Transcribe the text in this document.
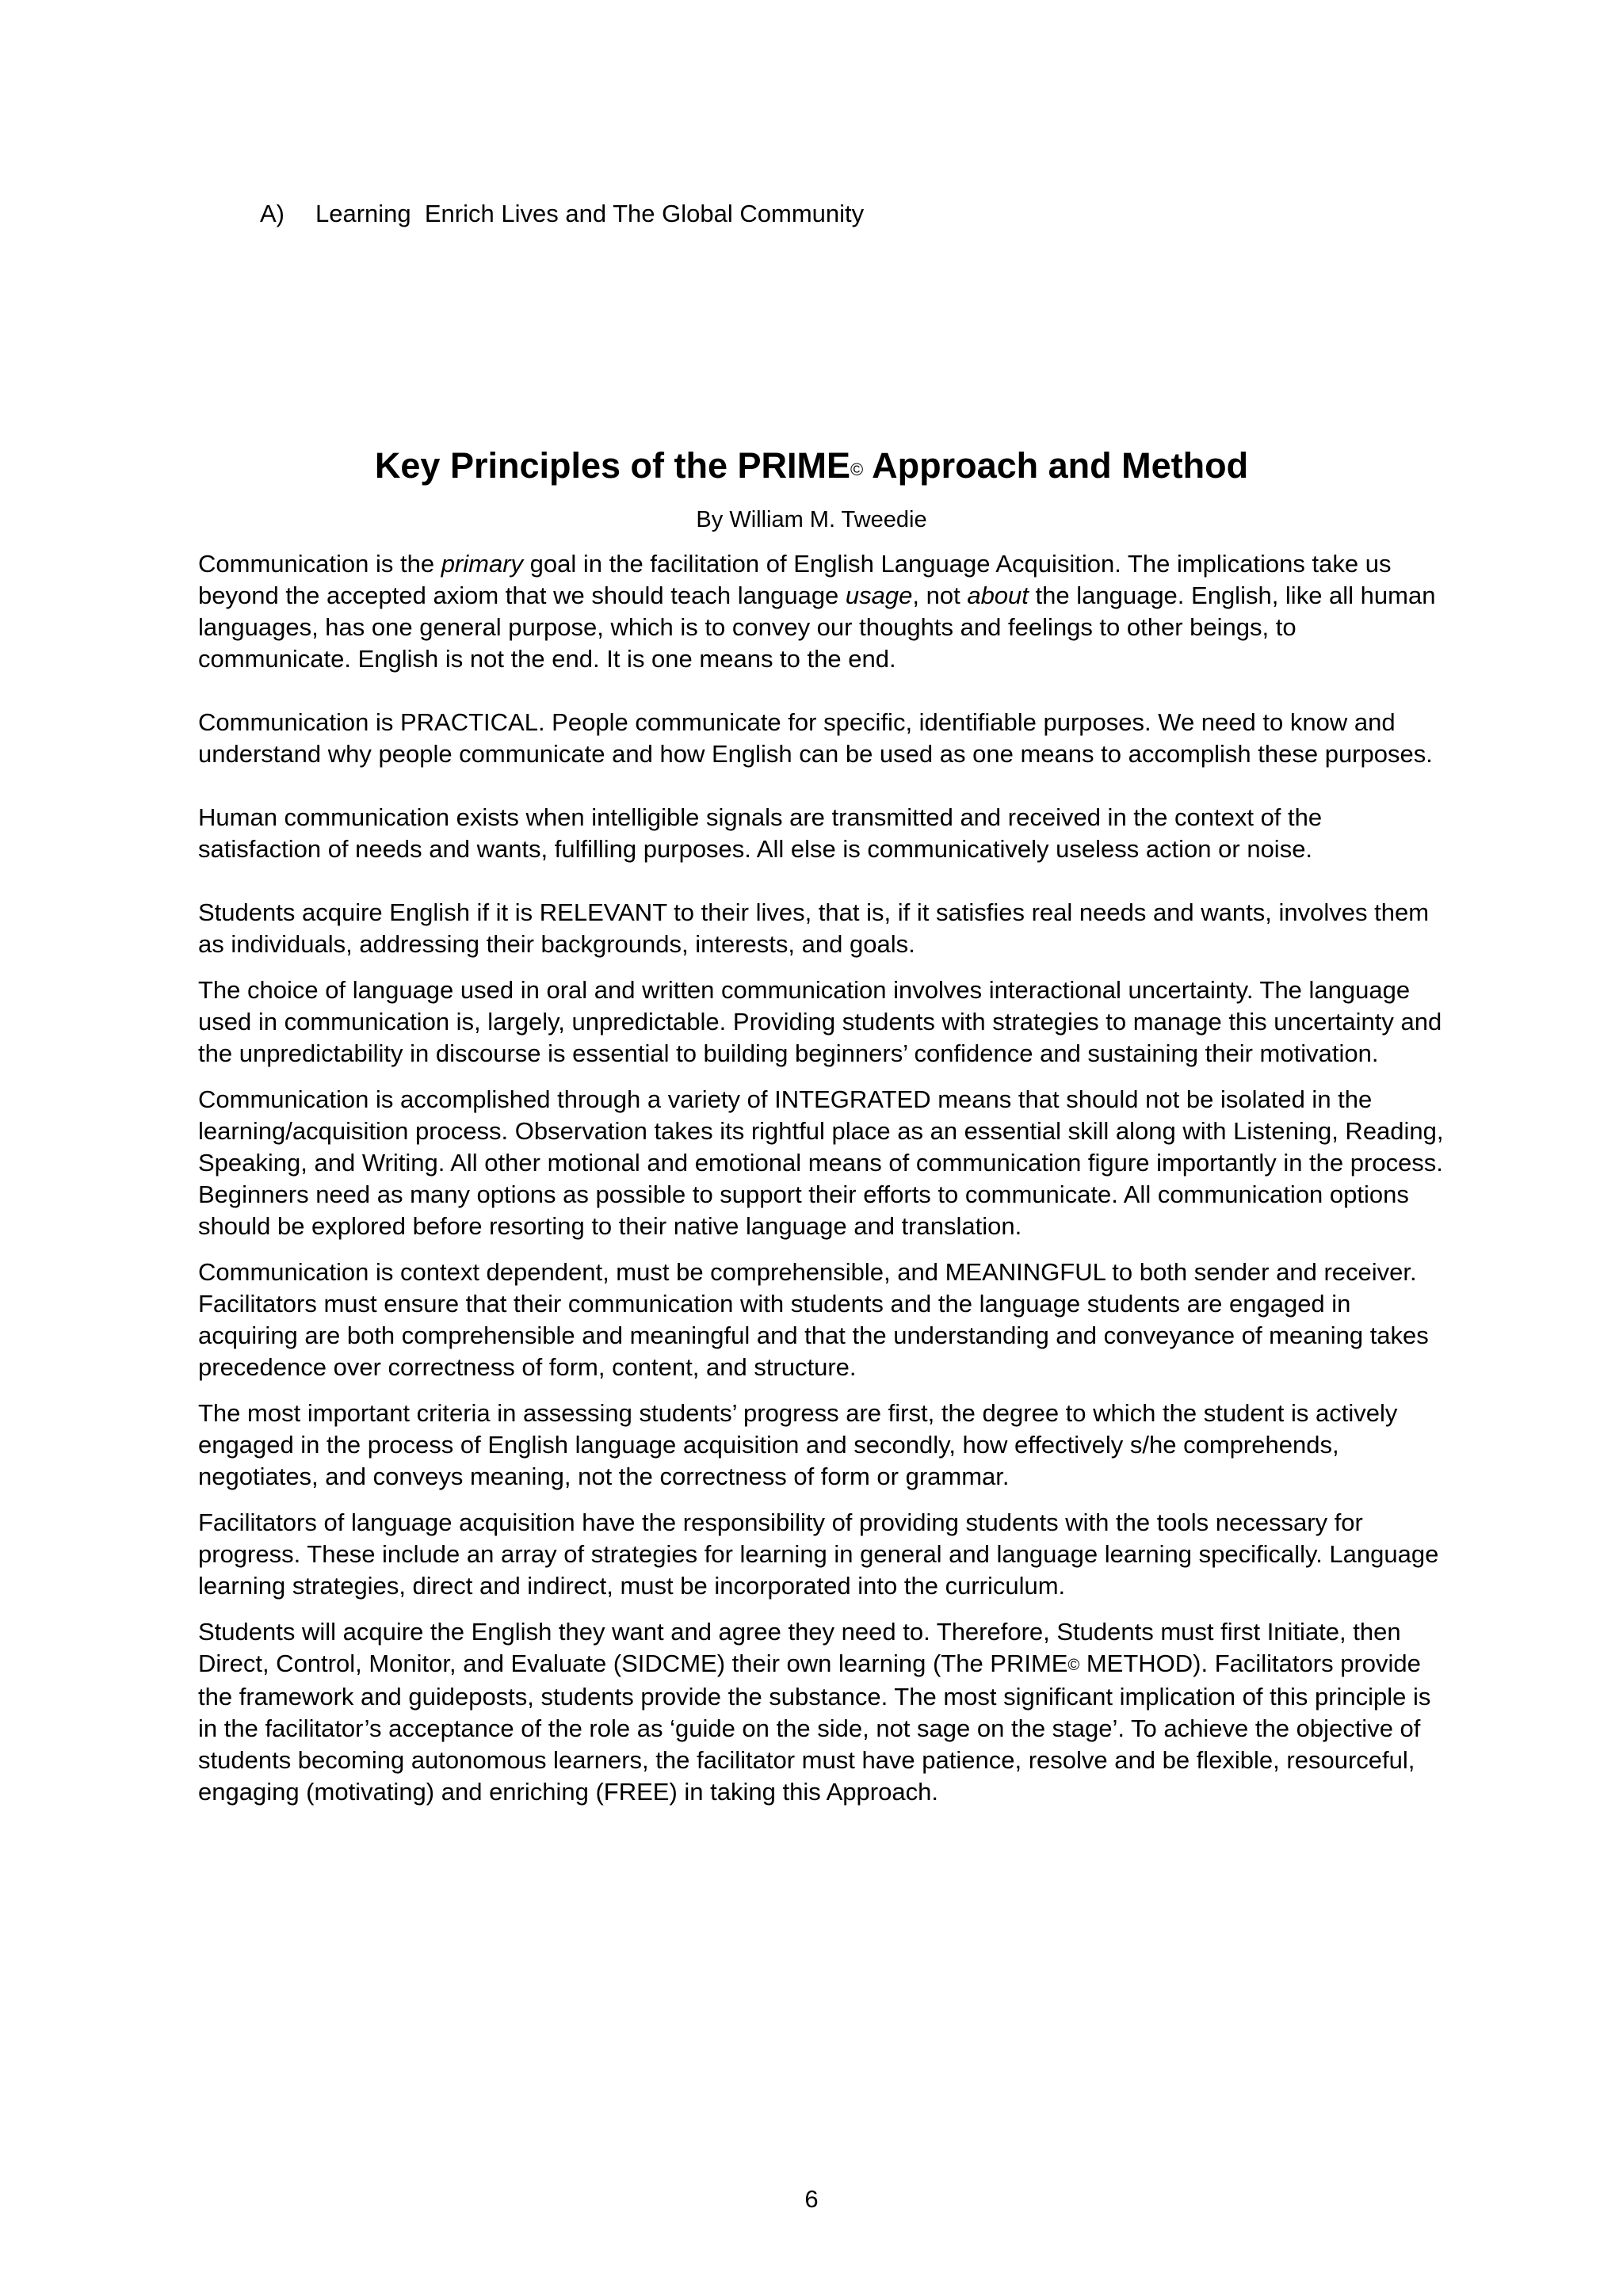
A) Learning  Enrich Lives and The Global Community
Key Principles of the PRIME© Approach and Method
By William M. Tweedie

Communication is the primary goal in the facilitation of English Language Acquisition. The implications take us beyond the accepted axiom that we should teach language usage, not about the language. English, like all human languages, has one general purpose, which is to convey our thoughts and feelings to other beings, to communicate. English is not the end. It is one means to the end.

Communication is PRACTICAL. People communicate for specific, identifiable purposes. We need to know and understand why people communicate and how English can be used as one means to accomplish these purposes.

Human communication exists when intelligible signals are transmitted and received in the context of the satisfaction of needs and wants, fulfilling purposes. All else is communicatively useless action or noise.

Students acquire English if it is RELEVANT to their lives, that is, if it satisfies real needs and wants, involves them as individuals, addressing their backgrounds, interests, and goals.

The choice of language used in oral and written communication involves interactional uncertainty. The language used in communication is, largely, unpredictable. Providing students with strategies to manage this uncertainty and the unpredictability in discourse is essential to building beginners’ confidence and sustaining their motivation.

Communication is accomplished through a variety of INTEGRATED means that should not be isolated in the learning/acquisition process. Observation takes its rightful place as an essential skill along with Listening, Reading, Speaking, and Writing. All other motional and emotional means of communication figure importantly in the process. Beginners need as many options as possible to support their efforts to communicate. All communication options should be explored before resorting to their native language and translation.

Communication is context dependent, must be comprehensible, and MEANINGFUL to both sender and receiver. Facilitators must ensure that their communication with students and the language students are engaged in acquiring are both comprehensible and meaningful and that the understanding and conveyance of meaning takes precedence over correctness of form, content, and structure.

The most important criteria in assessing students’ progress are first, the degree to which the student is actively engaged in the process of English language acquisition and secondly, how effectively s/he comprehends, negotiates, and conveys meaning, not the correctness of form or grammar.

Facilitators of language acquisition have the responsibility of providing students with the tools necessary for progress. These include an array of strategies for learning in general and language learning specifically. Language learning strategies, direct and indirect, must be incorporated into the curriculum.

Students will acquire the English they want and agree they need to. Therefore, Students must first Initiate, then Direct, Control, Monitor, and Evaluate (SIDCME) their own learning (The PRIME© METHOD). Facilitators provide the framework and guideposts, students provide the substance. The most significant implication of this principle is in the facilitator’s acceptance of the role as ‘guide on the side, not sage on the stage’. To achieve the objective of students becoming autonomous learners, the facilitator must have patience, resolve and be flexible, resourceful, engaging (motivating) and enriching (FREE) in taking this Approach.

6
